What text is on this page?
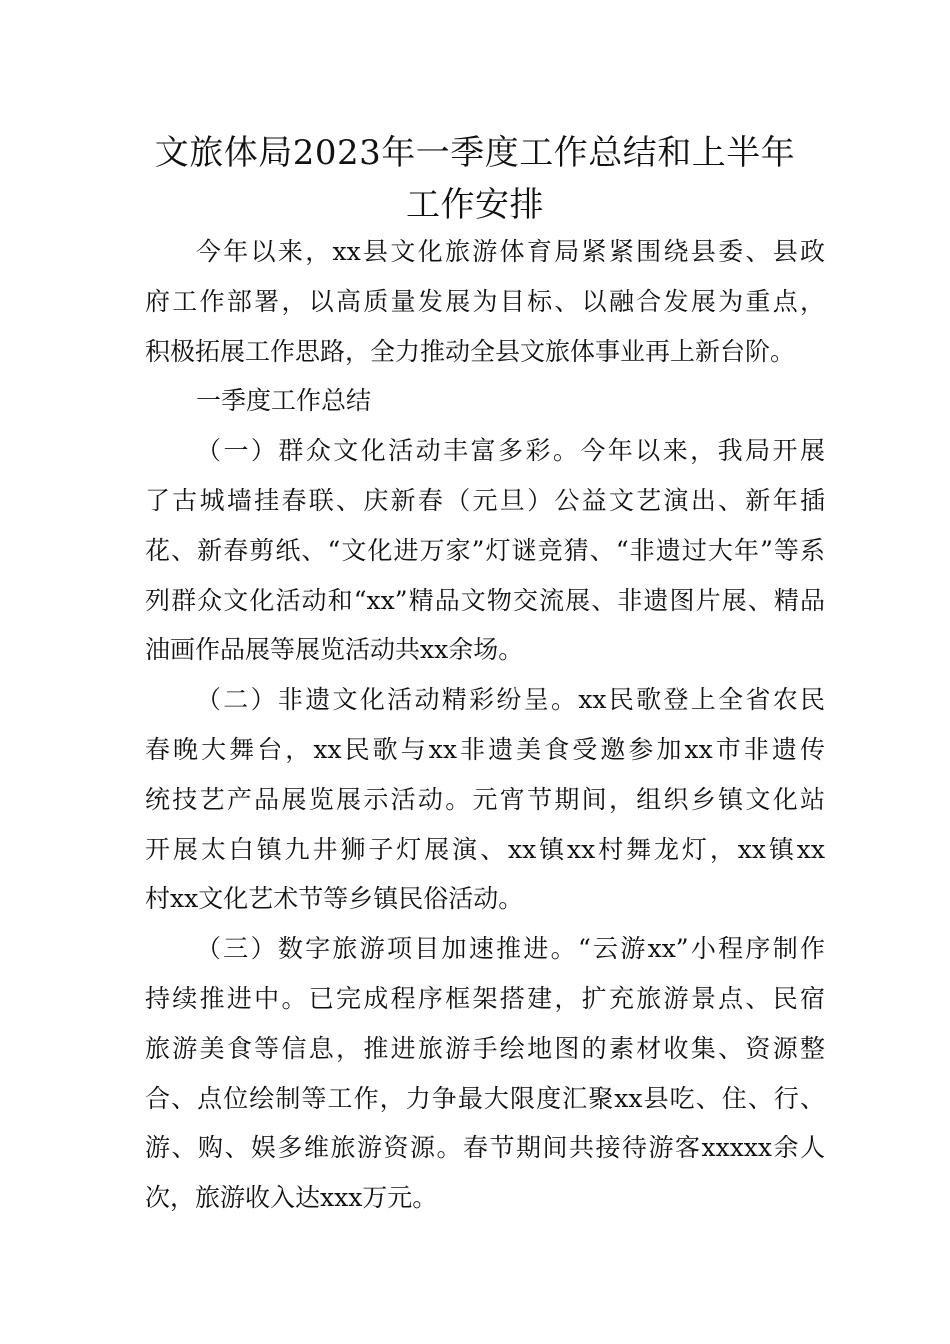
文旅体局2023年一季度工作总结和上半年
工作安排
今年以来，xx县文化旅游体育局紧紧围绕县委、县政
府工作部署，以高质量发展为目标、以融合发展为重点，
积极拓展工作思路，全力推动全县文旅体事业再上新台阶。
一季度工作总结
（一）群众文化活动丰富多彩。今年以来，我局开展
了古城墙挂春联、庆新春（元旦）公益文艺演出、新年插
花、新春剪纸、“文化进万家”灯谜竞猜、“非遗过大年”等系
列群众文化活动和“xx”精品文物交流展、非遗图片展、精品
油画作品展等展览活动共xx余场。
（二）非遗文化活动精彩纷呈。xx民歌登上全省农民
春晚大舞台，xx民歌与xx非遗美食受邀参加xx市非遗传
统技艺产品展览展示活动。元宵节期间，组织乡镇文化站
开展太白镇九井狮子灯展演、xx镇xx村舞龙灯，xx镇xx
村xx文化艺术节等乡镇民俗活动。
（三）数字旅游项目加速推进。“云游xx”小程序制作
持续推进中。已完成程序框架搭建，扩充旅游景点、民宿
旅游美食等信息，推进旅游手绘地图的素材收集、资源整
合、点位绘制等工作，力争最大限度汇聚xx县吃、住、行、
游、购、娱多维旅游资源。春节期间共接待游客xxxxx余人
次，旅游收入达xxx万元。
